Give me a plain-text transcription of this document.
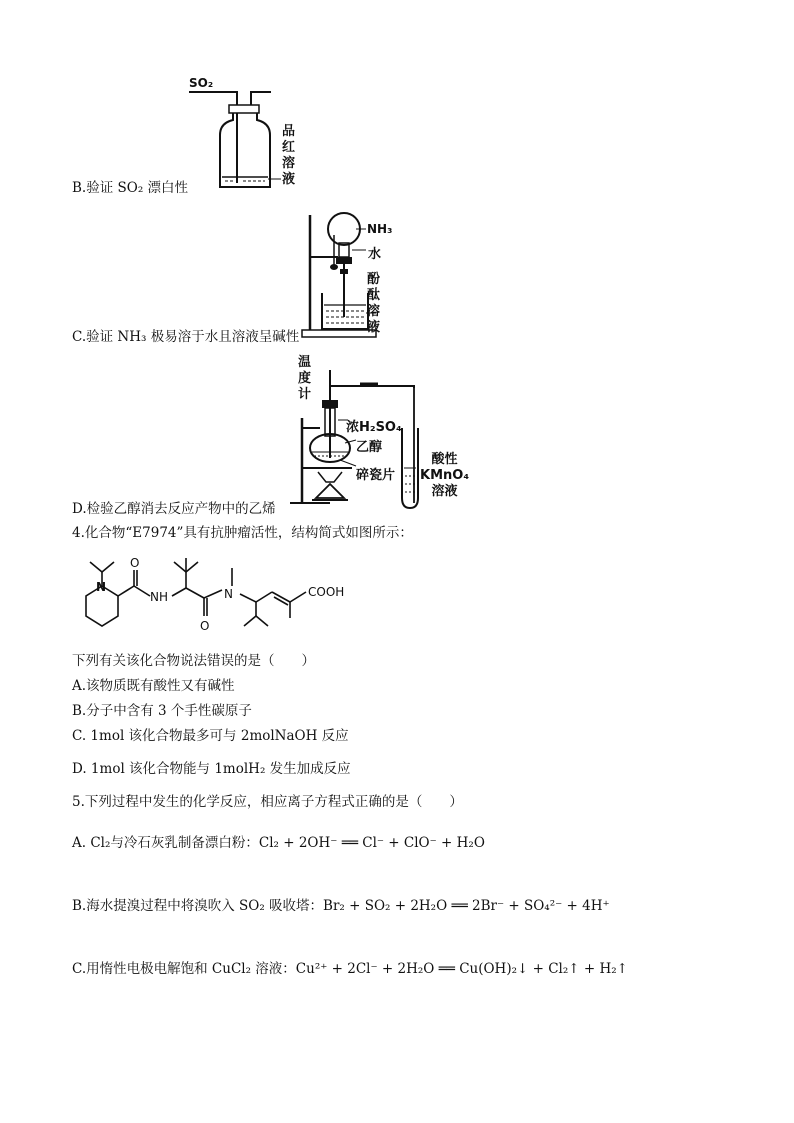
SO₂
品
红
溶
液
B.验证 SO₂ 漂白性
NH₃
水
酚
酞
溶
液
C.验证 NH₃ 极易溶于水且溶液呈碱性
温
度
计
浓H₂SO₄
乙醇
碎瓷片
酸性
KMnO₄
溶液
D.检验乙醇消去反应产物中的乙烯
4.化合物“E7974”具有抗肿瘤活性，结构简式如图所示：
N
O
NH
O
N	COOH
下列有关该化合物说法错误的是（　　）
A.该物质既有酸性又有碱性
B.分子中含有 3 个手性碳原子
C. 1mol 该化合物最多可与 2molNaOH 反应
D. 1mol 该化合物能与 1molH₂ 发生加成反应
5.下列过程中发生的化学反应，相应离子方程式正确的是（　　）
A. Cl₂与冷石灰乳制备漂白粉：Cl₂ + 2OH⁻ ══ Cl⁻ + ClO⁻ + H₂O
B.海水提溴过程中将溴吹入 SO₂ 吸收塔：Br₂ + SO₂ + 2H₂O ══ 2Br⁻ + SO₄²⁻ + 4H⁺
C.用惰性电极电解饱和 CuCl₂ 溶液：Cu²⁺ + 2Cl⁻ + 2H₂O ══ Cu(OH)₂↓ + Cl₂↑ + H₂↑
